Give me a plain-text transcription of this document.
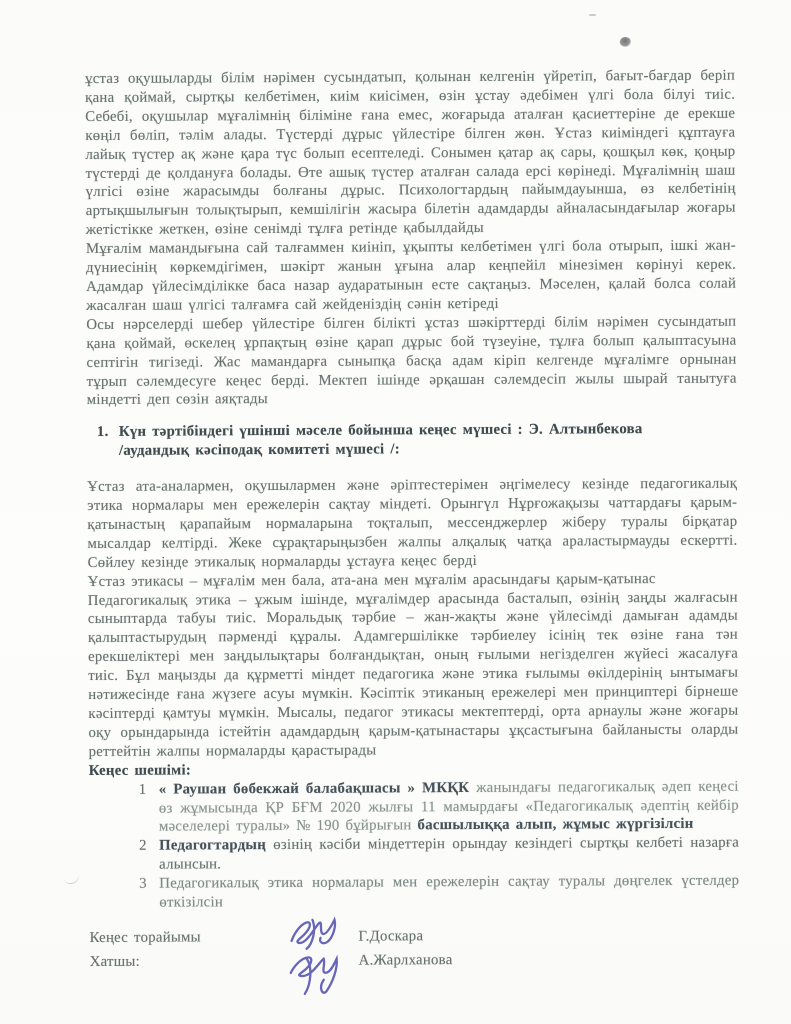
ұстаз оқушыларды білім нәрімен сусындатып, қолынан келгенін үйретіп, бағыт-бағдар беріп қана қоймай, сыртқы келбетімен, киім киісімен, өзін ұстау әдебімен үлгі бола білуі тиіс. Себебі, оқушылар мұғалімнің біліміне ғана емес, жоғарыда аталған қасиеттеріне де ерекше көңіл бөліп, тәлім алады. Түстерді дұрыс үйлестіре білген жөн. Ұстаз киіміндегі құптауға лайық түстер ақ және қара түс болып есептеледі. Сонымен қатар ақ сары, қошқыл көк, қоңыр түстерді де қолдануға болады. Өте ашық түстер аталған салада ерсі көрінеді. Мұғалімнің шаш үлгісі өзіне жарасымды болғаны дұрыс. Психологтардың пайымдауынша, өз келбетінің артықшылығын толықтырып, кемшілігін жасыра білетін адамдарды айналасындағылар жоғары жетістікке жеткен, өзіне сенімді тұлға ретінде қабылдайды

Мұғалім мамандығына сай талғаммен киініп, ұқыпты келбетімен үлгі бола отырып, ішкі жан-дүниесінің көркемдігімен, шәкірт жанын ұғына алар кеңпейіл мінезімен көрінуі керек. Адамдар үйлесімділікке баса назар аударатынын есте сақтаңыз. Мәселен, қалай болса солай жасалған шаш үлгісі талғамға сай жейденіздің сәнін кетіреді

Осы нәрселерді шебер үйлестіре білген білікті ұстаз шәкірттерді білім нәрімен сусындатып қана қоймай, өскелең ұрпақтың өзіне қарап дұрыс бой түзеуіне, тұлға болып қалыптасуына септігін тигізеді. Жас мамандарға сыныпқа басқа адам кіріп келгенде мұғалімге орнынан тұрып сәлемдесуге кеңес берді. Мектеп ішінде әрқашан сәлемдесіп жылы шырай танытуға міндетті деп сөзін аяқтады

1. Күн тәртібіндегі үшінші мәселе бойынша кеңес мүшесі : Э. Алтынбекова
/аудандық кәсіподақ комитеті мүшесі /:

Ұстаз ата-аналармен, оқушылармен және әріптестерімен әңгімелесу кезінде педагогикалық этика нормалары мен ережелерін сақтау міндеті. Орынгүл Нұрғожақызы чаттардағы қарым-қатынастың қарапайым нормаларына тоқталып, мессенджерлер жіберу туралы бірқатар мысалдар келтірді. Жеке сұрақтарыңызбен жалпы алқалық чатқа араластырмауды ескертті. Сөйлеу кезінде этикалық нормаларды ұстауға кеңес берді

Ұстаз этикасы – мұғалім мен бала, ата-ана мен мұғалім арасындағы қарым-қатынас

Педагогикалық этика – ұжым ішінде, мұғалімдер арасында басталып, өзінің заңды жалғасын сыныптарда табуы тиіс. Моральдық тәрбие – жан-жақты және үйлесімді дамыған адамды қалыптастырудың пәрменді құралы. Адамгершілікке тәрбиелеу ісінің тек өзіне ғана тән ерекшеліктері мен заңдылықтары болғандықтан, оның ғылыми негізделген жүйесі жасалуға тиіс. Бұл маңызды да құрметті міндет педагогика және этика ғылымы өкілдерінің ынтымағы нәтижесінде ғана жүзеге асуы мүмкін. Кәсіптік этиканың ережелері мен принциптері бірнеше кәсіптерді қамтуы мүмкін. Мысалы, педагог этикасы мектептерді, орта арнаулы және жоғары оқу орындарында істейтін адамдардың қарым-қатынастары ұқсастығына байланысты оларды реттейтін жалпы нормаларды қарастырады

Кеңес шешімі:
1 « Раушан бөбекжай балабақшасы » МКҚК жанындағы педагогикалық әдеп кеңесі өз жұмысында ҚР БҒМ 2020 жылғы 11 мамырдағы «Педагогикалық әдептің кейбір мәселелері туралы» № 190 бұйрығын басшылыққа алып, жұмыс жүргізілсін
2 Педагогтардың өзінің кәсіби міндеттерін орындау кезіндегі сыртқы келбеті назарға алынсын.
3 Педагогикалық этика нормалары мен ережелерін сақтау туралы дөңгелек үстелдер өткізілсін
Кеңес торайымы	Г.Доскара
Хатшы:	А.Жарлханова
